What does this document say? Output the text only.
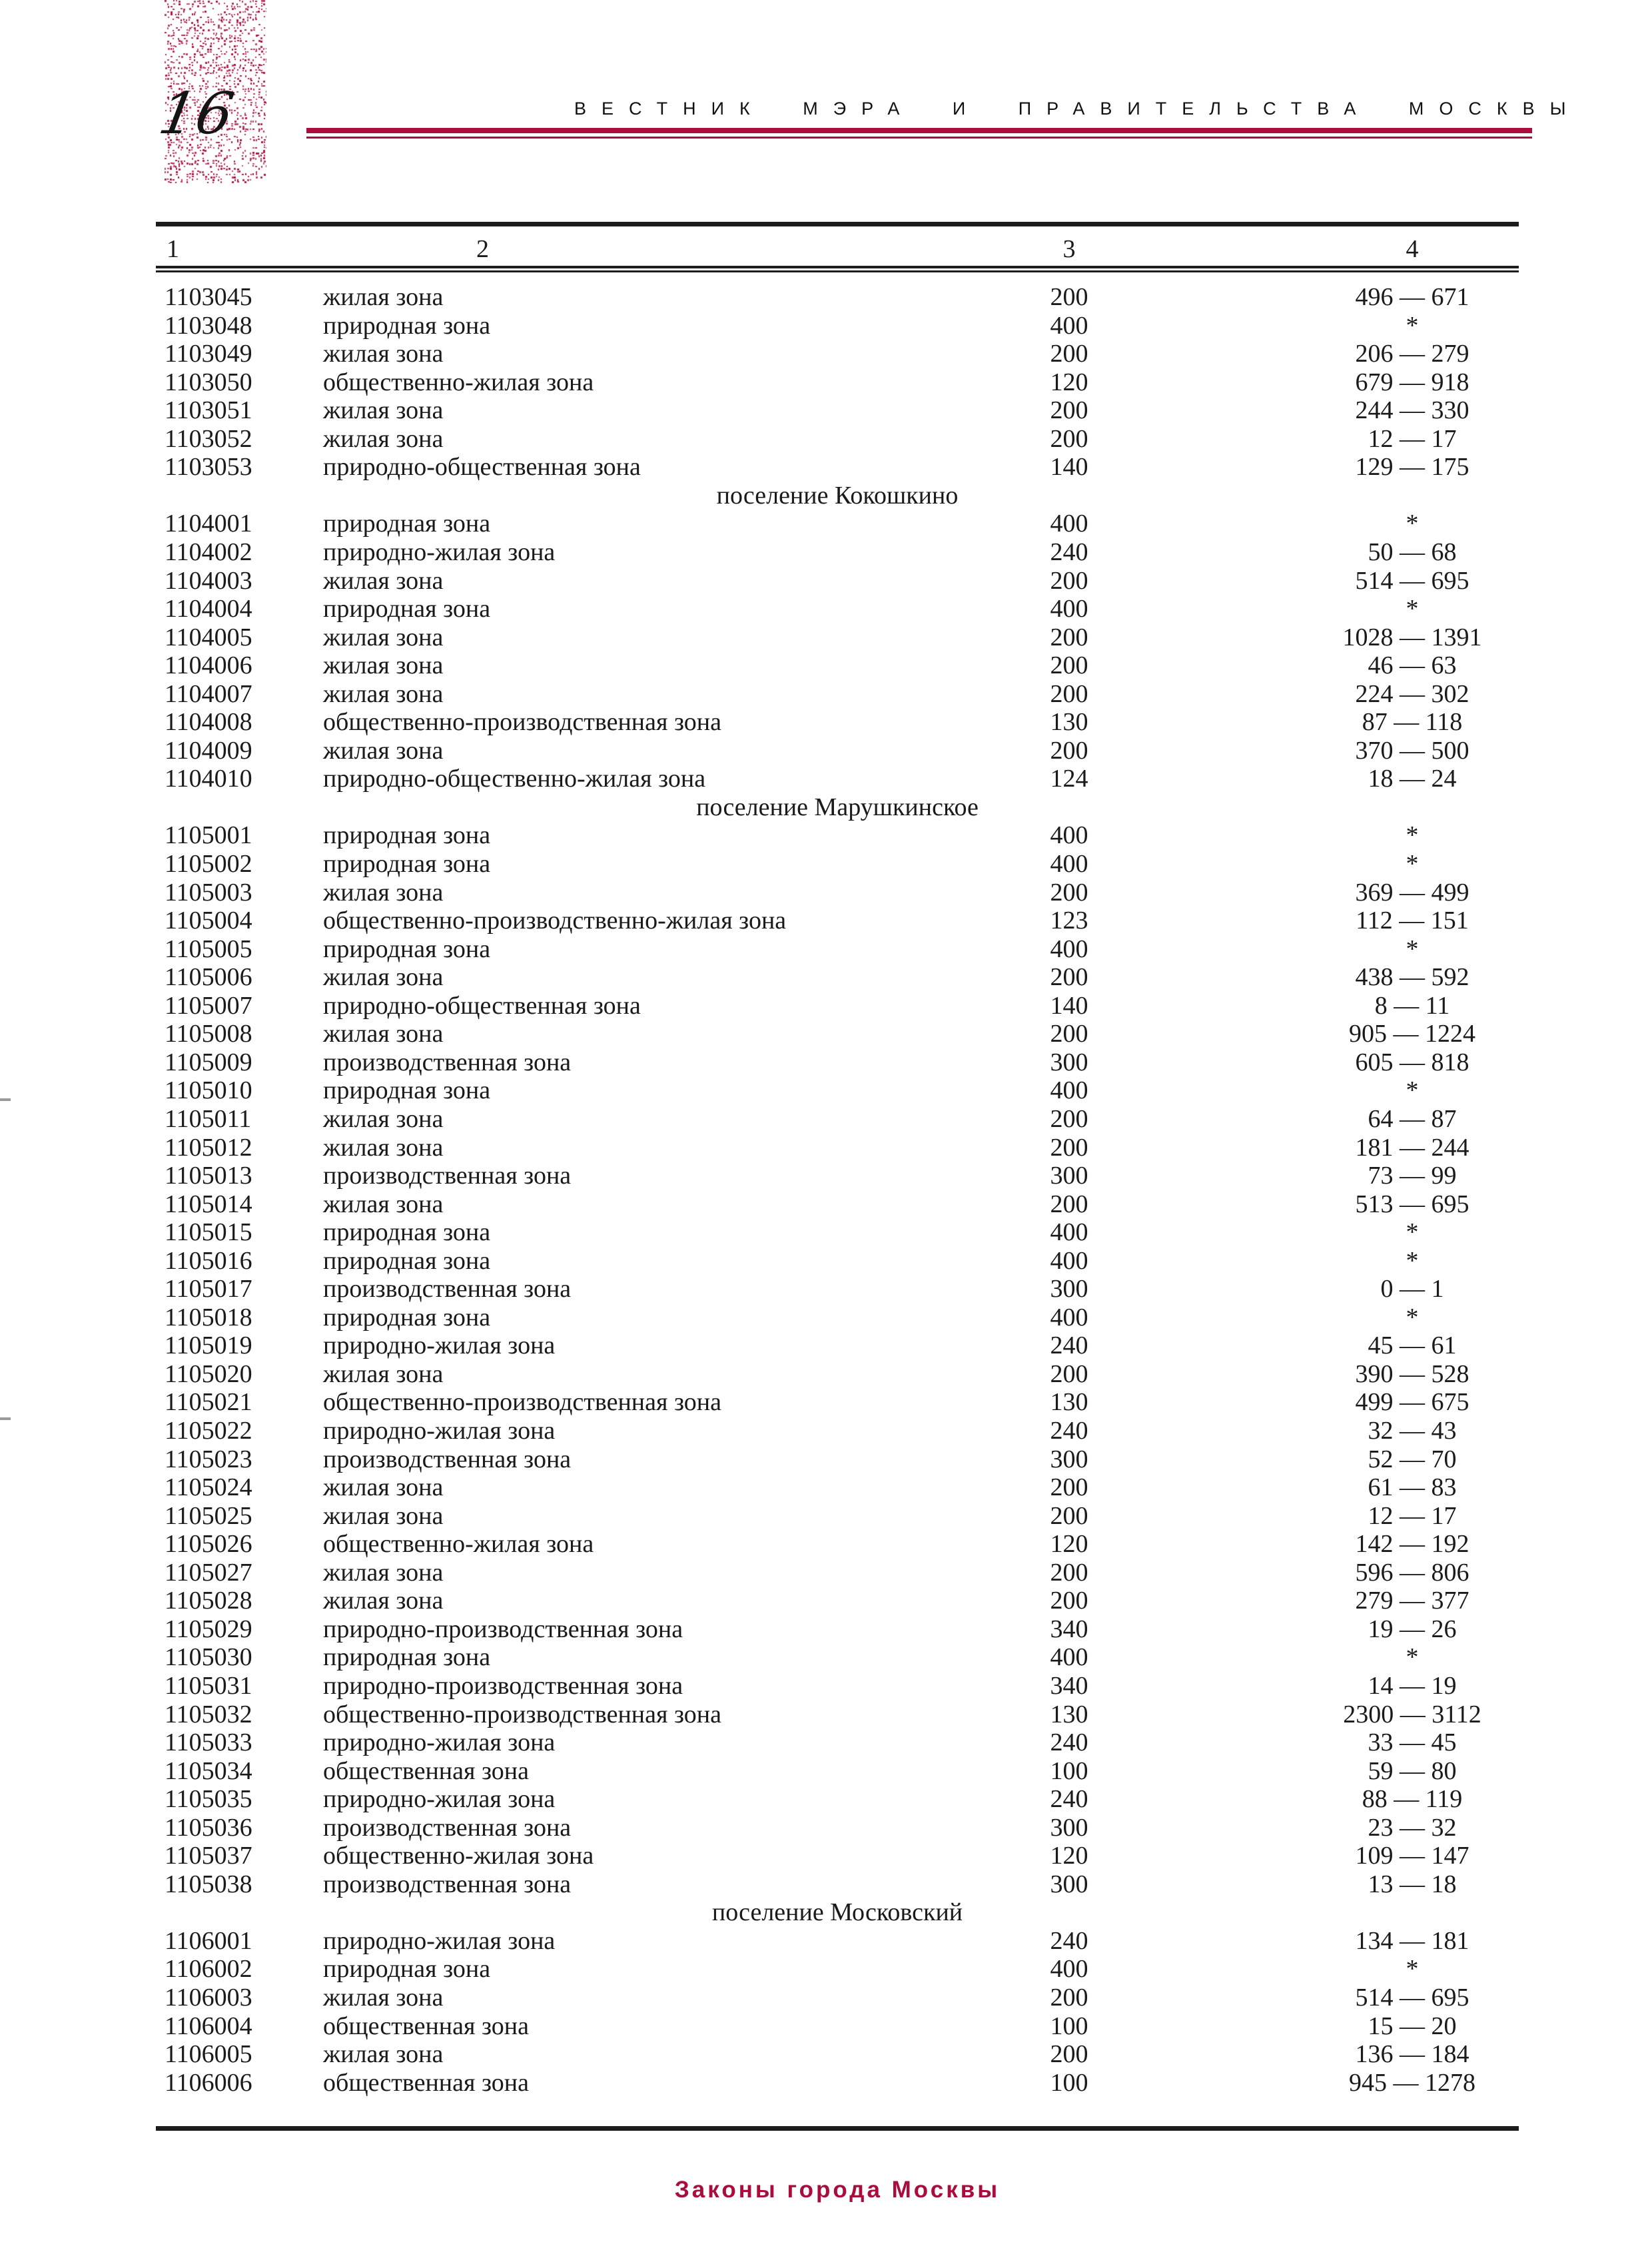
16	ВЕСТНИК МЭРА И ПРАВИТЕЛЬСТВА МОСКВЫ
1	2	3	4
1103045	жилая зона	200	496 — 671
1103048	природная зона	400	*
1103049	жилая зона	200	206 — 279
1103050	общественно-жилая зона	120	679 — 918
1103051	жилая зона	200	244 — 330
1103052	жилая зона	200	12 — 17
1103053	природно-общественная зона	140	129 — 175
поселение Кокошкино
1104001	природная зона	400	*
1104002	природно-жилая зона	240	50 — 68
1104003	жилая зона	200	514 — 695
1104004	природная зона	400	*
1104005	жилая зона	200	1028 — 1391
1104006	жилая зона	200	46 — 63
1104007	жилая зона	200	224 — 302
1104008	общественно-производственная зона	130	87 — 118
1104009	жилая зона	200	370 — 500
1104010	природно-общественно-жилая зона	124	18 — 24
поселение Марушкинское
1105001	природная зона	400	*
1105002	природная зона	400	*
1105003	жилая зона	200	369 — 499
1105004	общественно-производственно-жилая зона	123	112 — 151
1105005	природная зона	400	*
1105006	жилая зона	200	438 — 592
1105007	природно-общественная зона	140	8 — 11
1105008	жилая зона	200	905 — 1224
1105009	производственная зона	300	605 — 818
1105010	природная зона	400	*
1105011	жилая зона	200	64 — 87
1105012	жилая зона	200	181 — 244
1105013	производственная зона	300	73 — 99
1105014	жилая зона	200	513 — 695
1105015	природная зона	400	*
1105016	природная зона	400	*
1105017	производственная зона	300	0 — 1
1105018	природная зона	400	*
1105019	природно-жилая зона	240	45 — 61
1105020	жилая зона	200	390 — 528
1105021	общественно-производственная зона	130	499 — 675
1105022	природно-жилая зона	240	32 — 43
1105023	производственная зона	300	52 — 70
1105024	жилая зона	200	61 — 83
1105025	жилая зона	200	12 — 17
1105026	общественно-жилая зона	120	142 — 192
1105027	жилая зона	200	596 — 806
1105028	жилая зона	200	279 — 377
1105029	природно-производственная зона	340	19 — 26
1105030	природная зона	400	*
1105031	природно-производственная зона	340	14 — 19
1105032	общественно-производственная зона	130	2300 — 3112
1105033	природно-жилая зона	240	33 — 45
1105034	общественная зона	100	59 — 80
1105035	природно-жилая зона	240	88 — 119
1105036	производственная зона	300	23 — 32
1105037	общественно-жилая зона	120	109 — 147
1105038	производственная зона	300	13 — 18
поселение Московский
1106001	природно-жилая зона	240	134 — 181
1106002	природная зона	400	*
1106003	жилая зона	200	514 — 695
1106004	общественная зона	100	15 — 20
1106005	жилая зона	200	136 — 184
1106006	общественная зона	100	945 — 1278
Законы города Москвы
